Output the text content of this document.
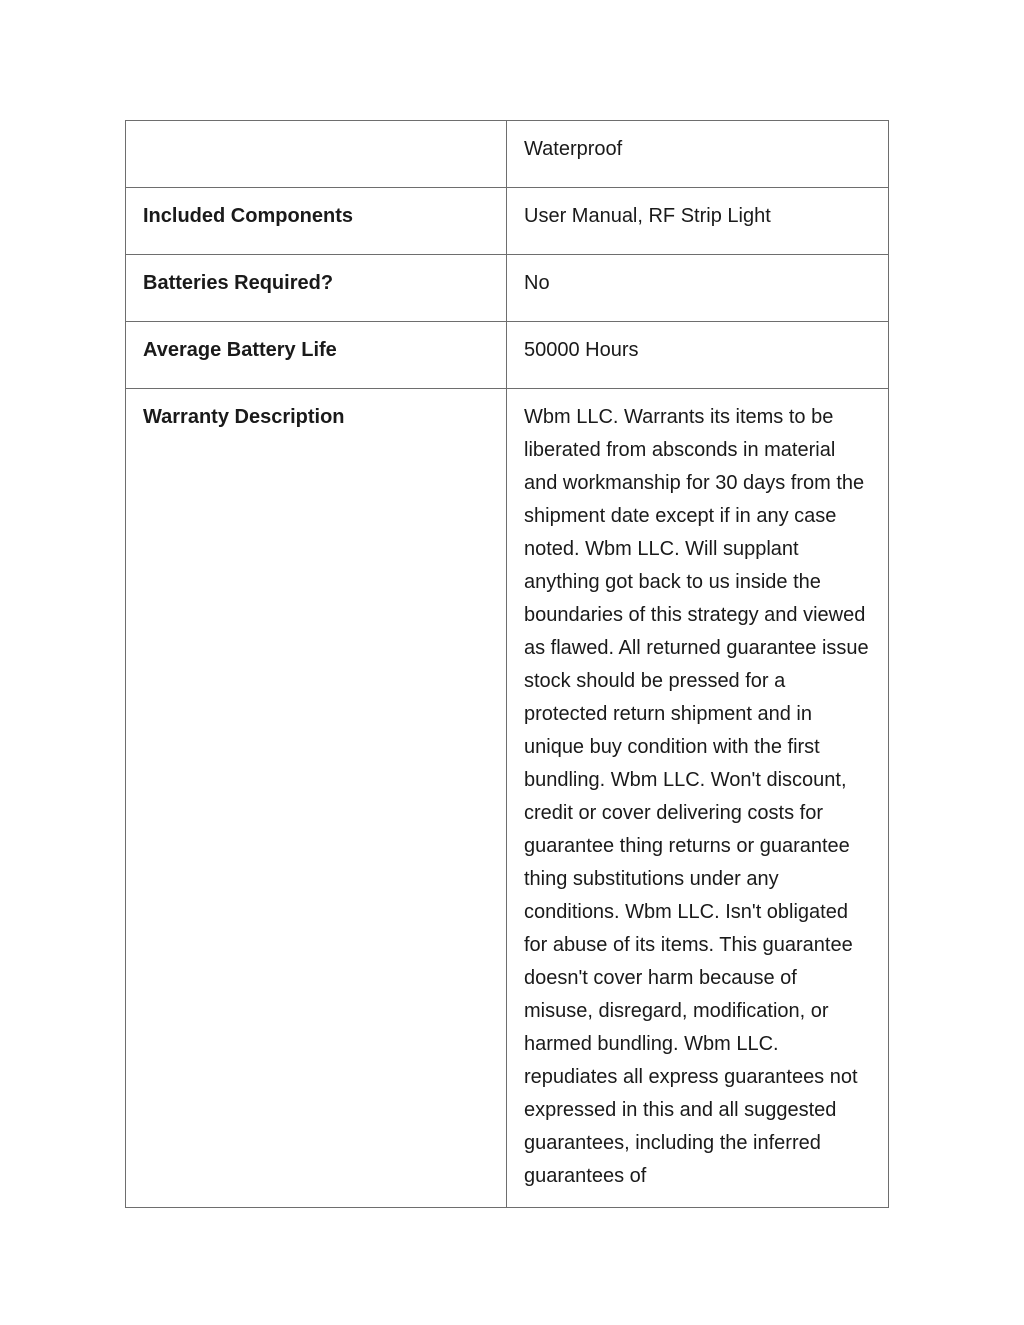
	Waterproof
Included Components	User Manual, RF Strip Light
Batteries Required?	No
Average Battery Life	50000 Hours
Warranty Description	Wbm LLC. Warrants its items to be liberated from absconds in material and workmanship for 30 days from the shipment date except if in any case noted. Wbm LLC. Will supplant anything got back to us inside the boundaries of this strategy and viewed as flawed. All returned guarantee issue stock should be pressed for a protected return shipment and in unique buy condition with the first bundling. Wbm LLC. Won't discount, credit or cover delivering costs for guarantee thing returns or guarantee thing substitutions under any conditions. Wbm LLC. Isn't obligated for abuse of its items. This guarantee doesn't cover harm because of misuse, disregard, modification, or harmed bundling. Wbm LLC. repudiates all express guarantees not expressed in this and all suggested guarantees, including the inferred guarantees of
